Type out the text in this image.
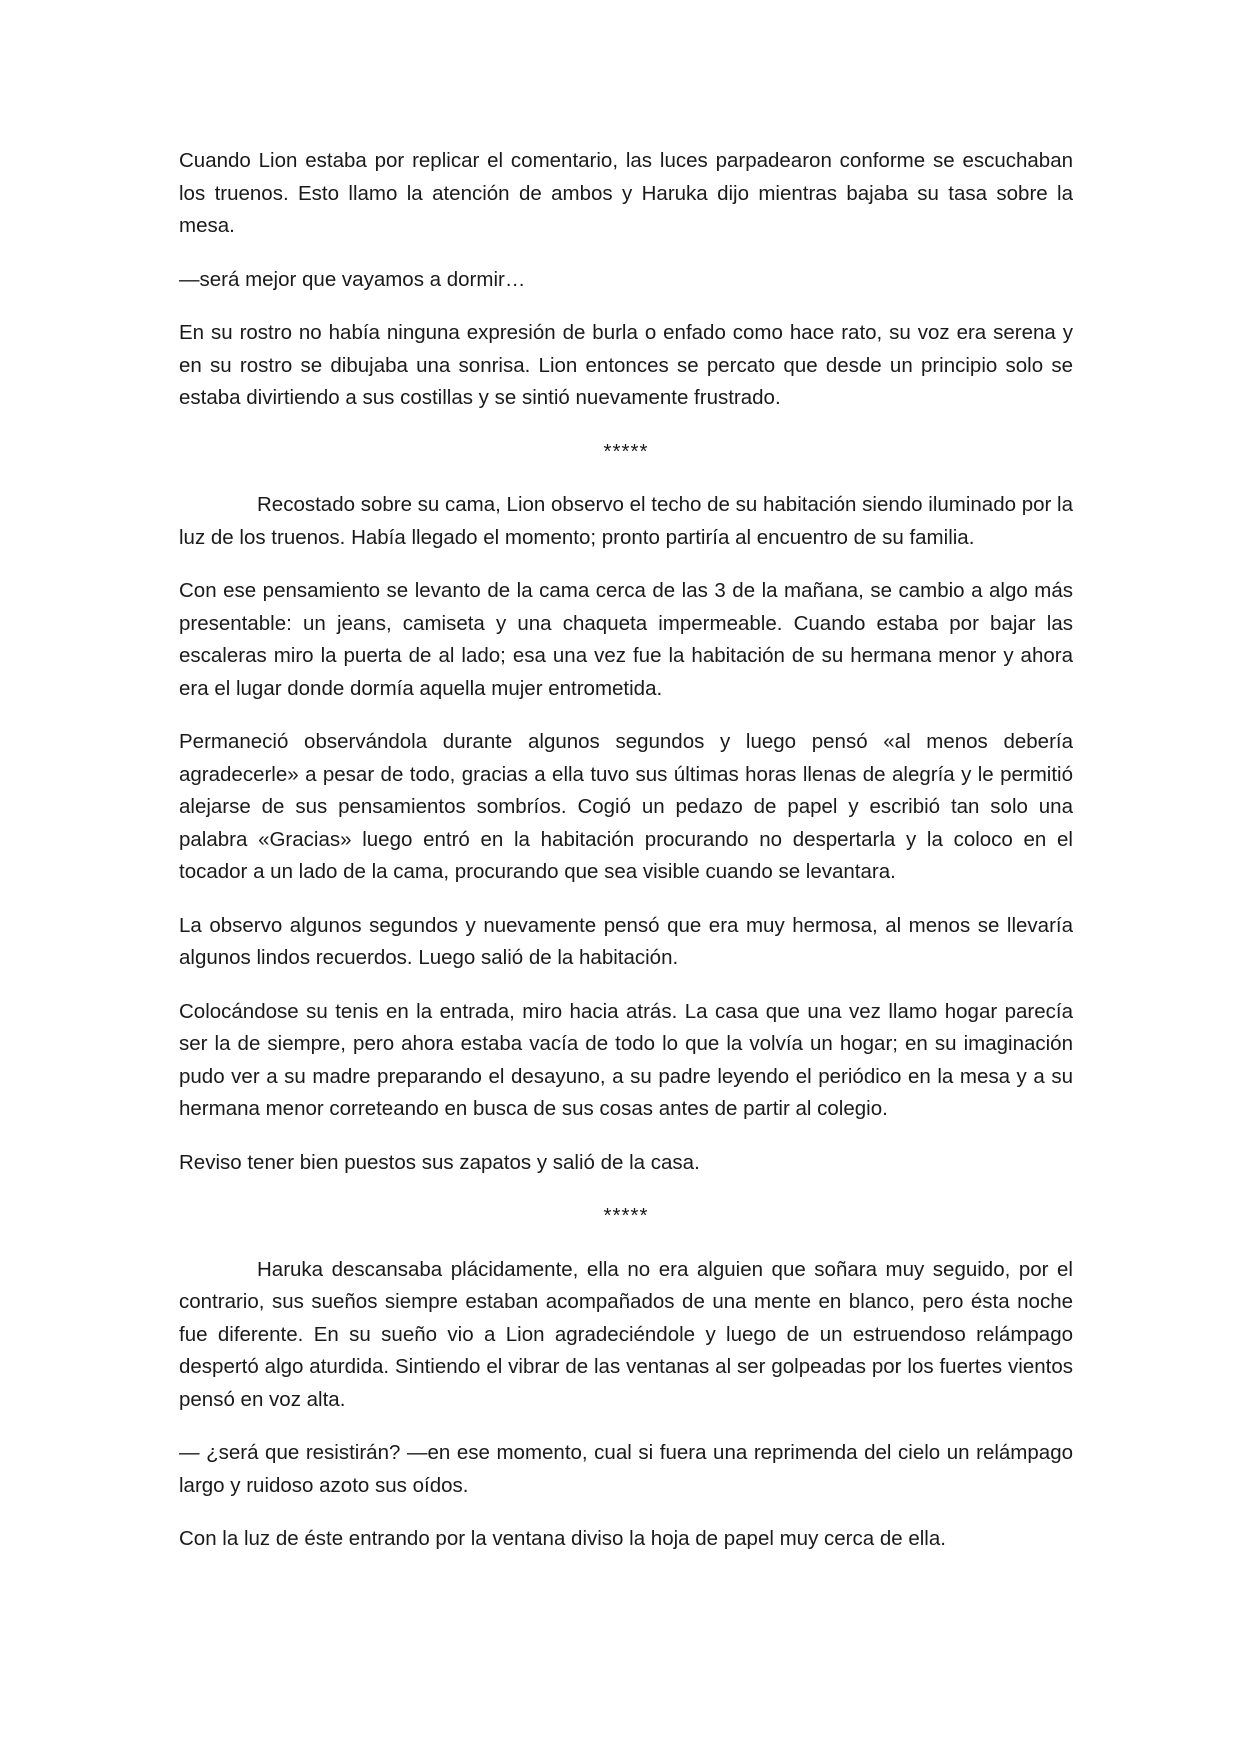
Cuando Lion estaba por replicar el comentario, las luces parpadearon conforme se escuchaban los truenos. Esto llamo la atención de ambos y Haruka dijo mientras bajaba su tasa sobre la mesa.

—será mejor que vayamos a dormir…

En su rostro no había ninguna expresión de burla o enfado como hace rato, su voz era serena y en su rostro se dibujaba una sonrisa. Lion entonces se percato que desde un principio solo se estaba divirtiendo a sus costillas y se sintió nuevamente frustrado.

*****

Recostado sobre su cama, Lion observo el techo de su habitación siendo iluminado por la luz de los truenos. Había llegado el momento; pronto partiría al encuentro de su familia.

Con ese pensamiento se levanto de la cama cerca de las 3 de la mañana, se cambio a algo más presentable: un jeans, camiseta y una chaqueta impermeable. Cuando estaba por bajar las escaleras miro la puerta de al lado; esa una vez fue la habitación de su hermana menor y ahora era el lugar donde dormía aquella mujer entrometida.

Permaneció observándola durante algunos segundos y luego pensó «al menos debería agradecerle» a pesar de todo, gracias a ella tuvo sus últimas horas llenas de alegría y le permitió alejarse de sus pensamientos sombríos. Cogió un pedazo de papel y escribió tan solo una palabra «Gracias» luego entró en la habitación procurando no despertarla y la coloco en el tocador a un lado de la cama, procurando que sea visible cuando se levantara.

La observo algunos segundos y nuevamente pensó que era muy hermosa, al menos se llevaría algunos lindos recuerdos. Luego salió de la habitación.

Colocándose su tenis en la entrada, miro hacia atrás. La casa que una vez llamo hogar parecía ser la de siempre, pero ahora estaba vacía de todo lo que la volvía un hogar; en su imaginación pudo ver a su madre preparando el desayuno, a su padre leyendo el periódico en la mesa y a su hermana menor correteando en busca de sus cosas antes de partir al colegio.

Reviso tener bien puestos sus zapatos y salió de la casa.

*****

Haruka descansaba plácidamente, ella no era alguien que soñara muy seguido, por el contrario, sus sueños siempre estaban acompañados de una mente en blanco, pero ésta noche fue diferente. En su sueño vio a Lion agradeciéndole y luego de un estruendoso relámpago despertó algo aturdida. Sintiendo el vibrar de las ventanas al ser golpeadas por los fuertes vientos pensó en voz alta.

— ¿será que resistirán? —en ese momento, cual si fuera una reprimenda del cielo un relámpago largo y ruidoso azoto sus oídos.

Con la luz de éste entrando por la ventana diviso la hoja de papel muy cerca de ella.
